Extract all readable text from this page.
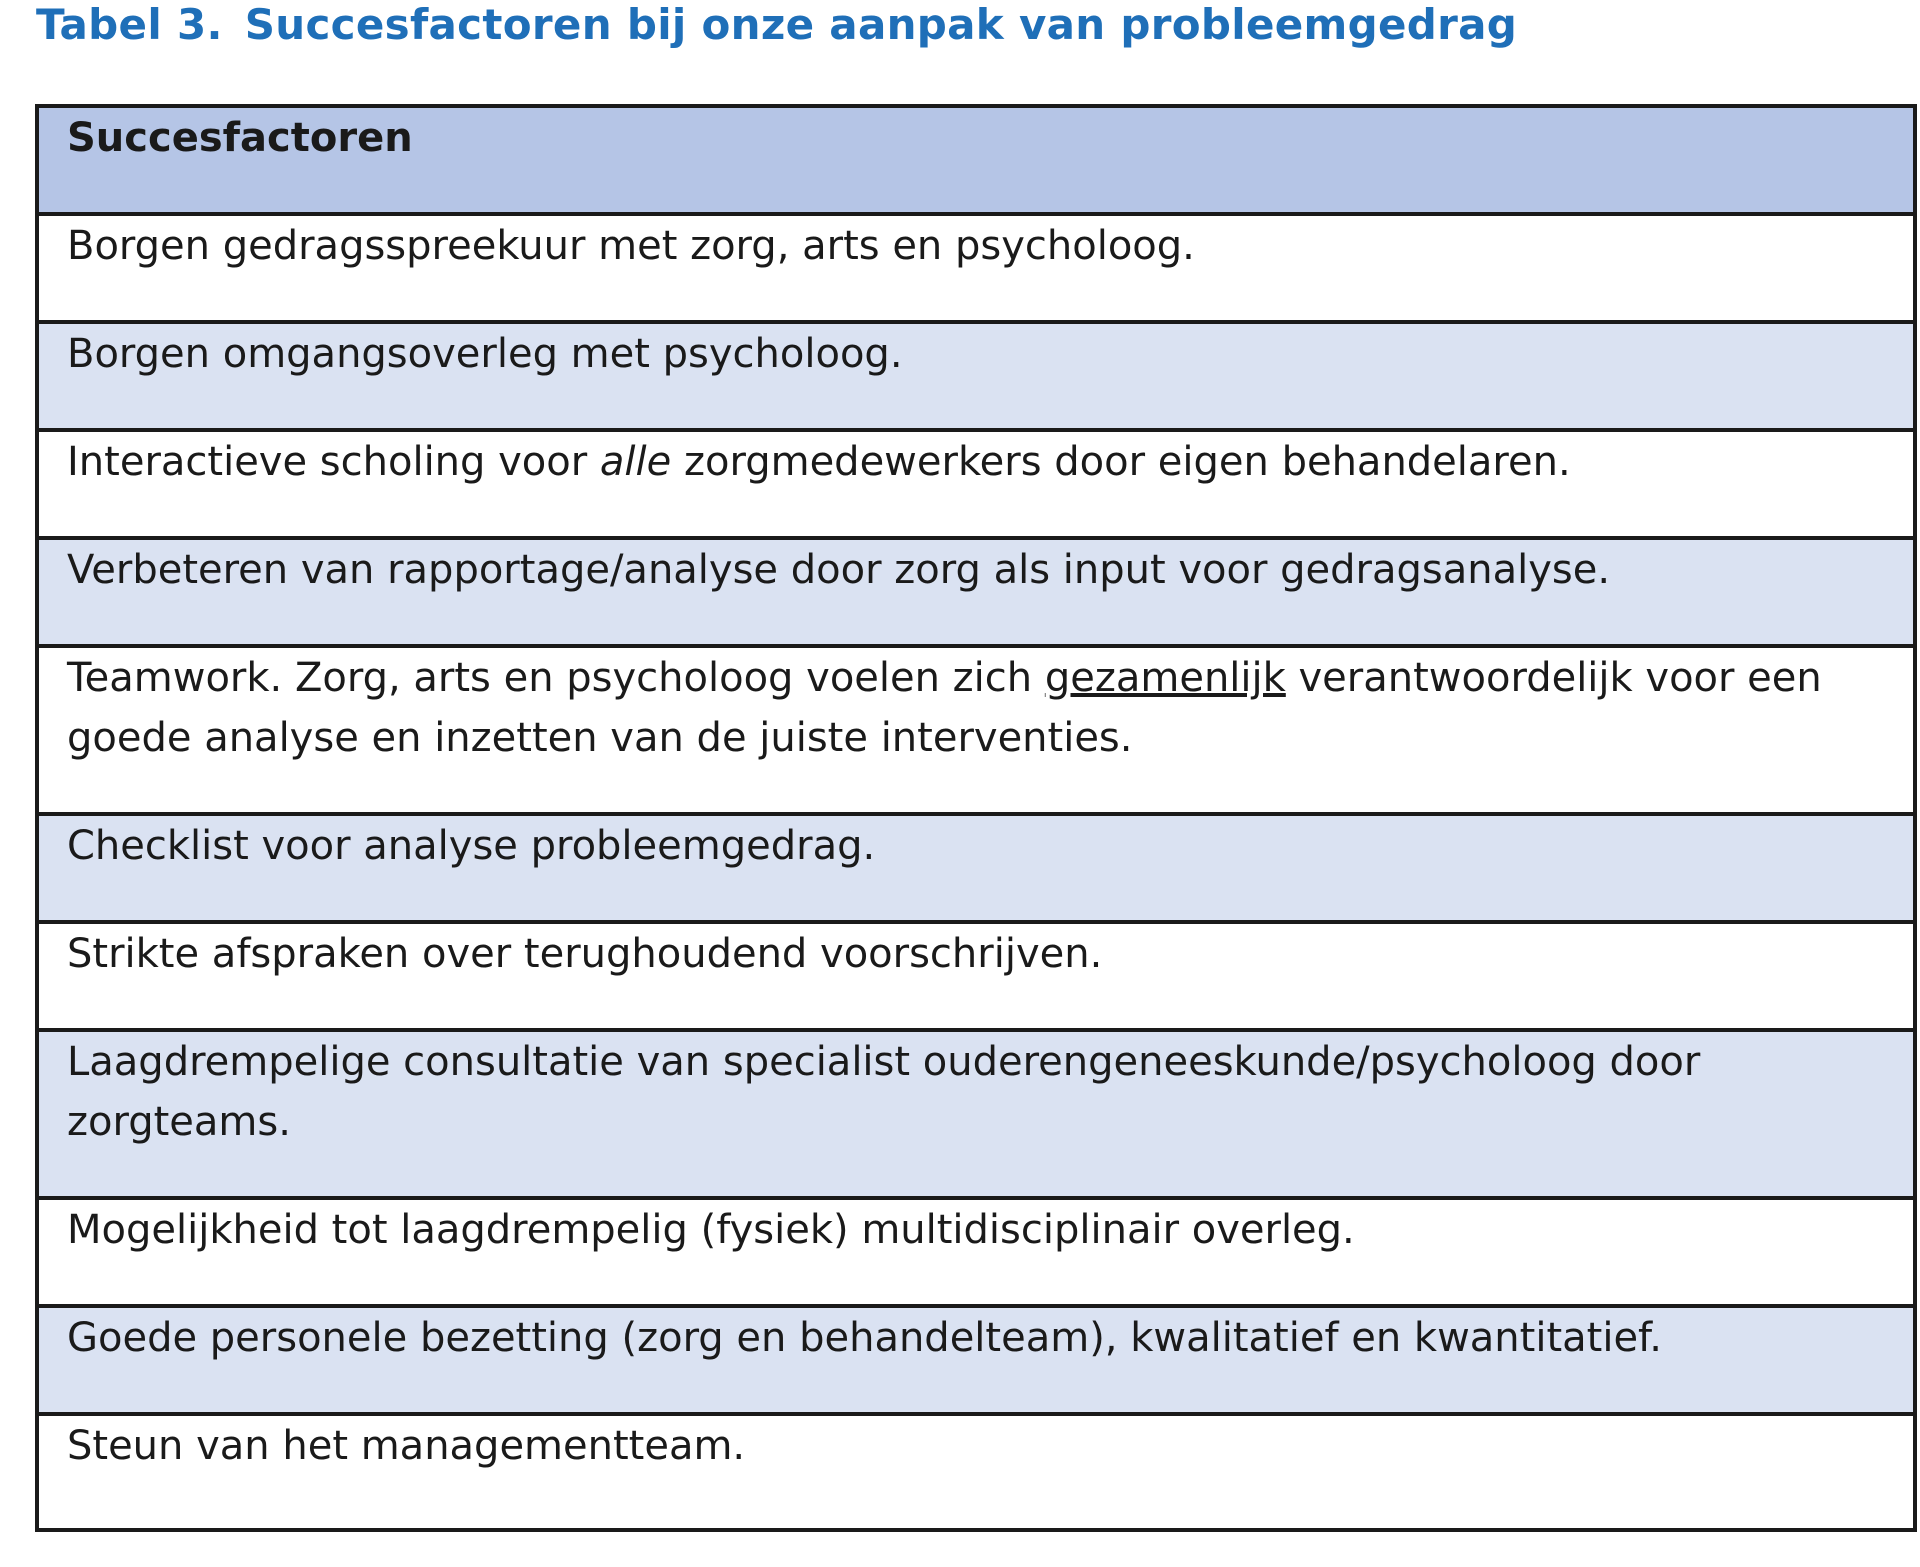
Tabel 3. Succesfactoren bij onze aanpak van probleemgedrag
Succesfactoren
Borgen gedragsspreekuur met zorg, arts en psycholoog.
Borgen omgangsoverleg met psycholoog.
Interactieve scholing voor alle zorgmedewerkers door eigen behandelaren.
Verbeteren van rapportage/analyse door zorg als input voor gedragsanalyse.
Teamwork. Zorg, arts en psycholoog voelen zich gezamenlijk verantwoordelijk voor een goede analyse en inzetten van de juiste interventies.
Checklist voor analyse probleemgedrag.
Strikte afspraken over terughoudend voorschrijven.
Laagdrempelige consultatie van specialist ouderengeneeskunde/psycholoog door zorgteams.
Mogelijkheid tot laagdrempelig (fysiek) multidisciplinair overleg.
Goede personele bezetting (zorg en behandelteam), kwalitatief en kwantitatief.
Steun van het managementteam.
